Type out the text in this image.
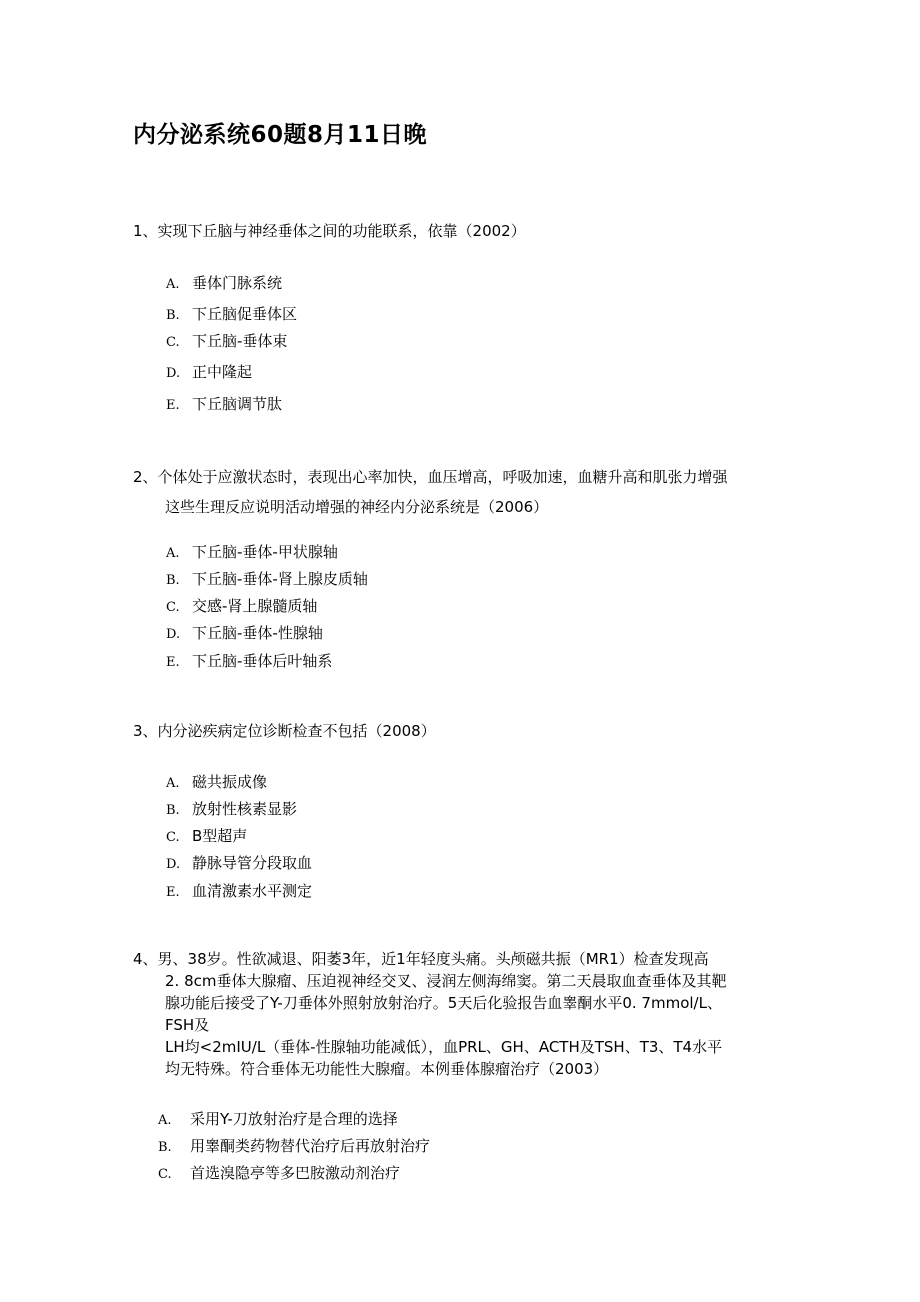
内分泌系统60题8月11日晚
1、实现下丘脑与神经垂体之间的功能联系，依靠（2002）
A. 垂体门脉系统
B. 下丘脑促垂体区
C. 下丘脑-垂体束
D. 正中隆起
E. 下丘脑调节肽
2、个体处于应激状态时，表现出心率加快，血压增高，呼吸加速，血糖升高和肌张力增强
这些生理反应说明活动增强的神经内分泌系统是（2006）
A. 下丘脑-垂体-甲状腺轴
B. 下丘脑-垂体-肾上腺皮质轴
C. 交感-肾上腺髓质轴
D. 下丘脑-垂体-性腺轴
E. 下丘脑-垂体后叶轴系
3、内分泌疾病定位诊断检查不包括（2008）
A. 磁共振成像
B. 放射性核素显影
C. B型超声
D. 静脉导管分段取血
E. 血清激素水平测定
4、男、38岁。性欲减退、阳萎3年，近1年轻度头痛。头颅磁共振（MR1）检查发现高
2. 8cm垂体大腺瘤、压迫视神经交叉、浸润左侧海绵窦。第二天晨取血查垂体及其靶
腺功能后接受了Y-刀垂体外照射放射治疗。5天后化验报告血睾酮水平0. 7mmol/L、
FSH及
LH均<2mIU/L（垂体-性腺轴功能减低），血PRL、GH、ACTH及TSH、T3、T4水平
均无特殊。符合垂体无功能性大腺瘤。本例垂体腺瘤治疗（2003）
A. 采用Y-刀放射治疗是合理的选择
B. 用睾酮类药物替代治疗后再放射治疗
C. 首选溴隐亭等多巴胺激动剂治疗
